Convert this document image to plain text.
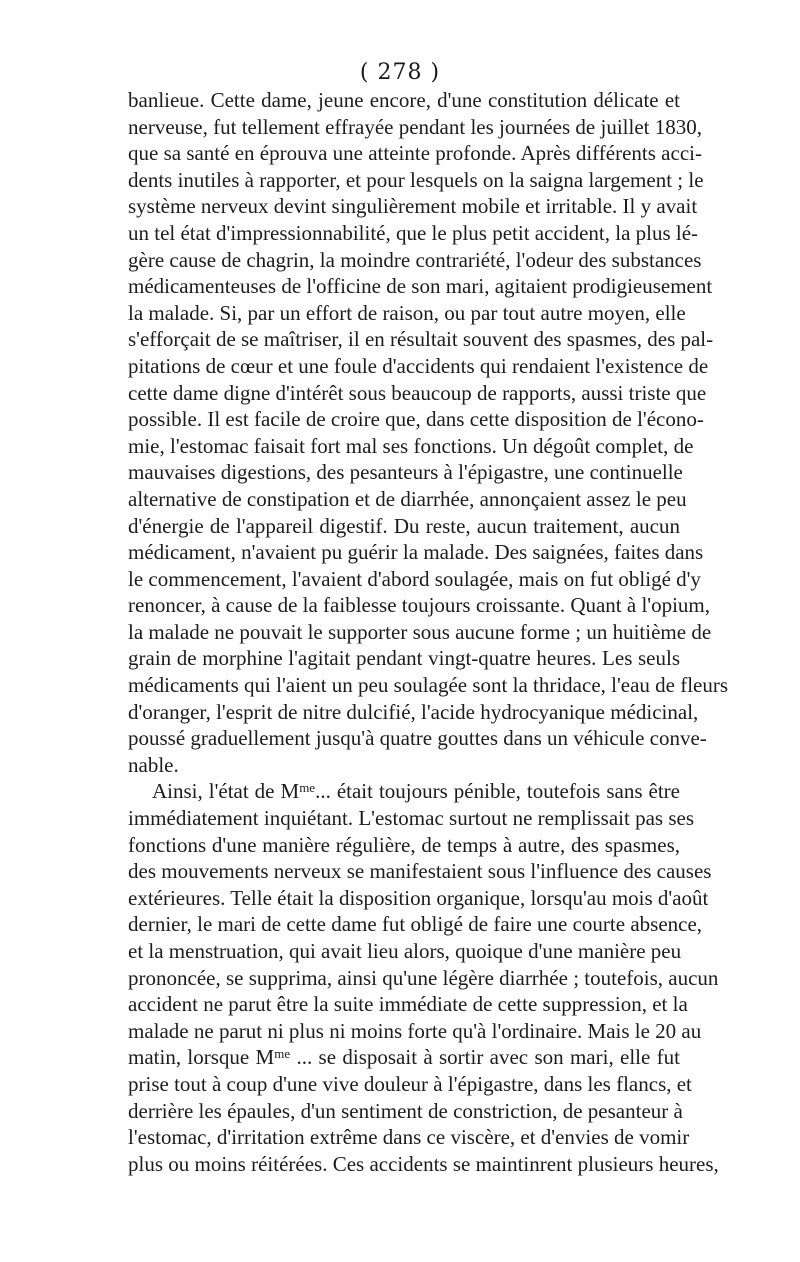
( 278 )
banlieue. Cette dame, jeune encore, d'une constitution délicate et
nerveuse, fut tellement effrayée pendant les journées de juillet 1830,
que sa santé en éprouva une atteinte profonde. Après différents acci-
dents inutiles à rapporter, et pour lesquels on la saigna largement ; le
système nerveux devint singulièrement mobile et irritable. Il y avait
un tel état d'impressionnabilité, que le plus petit accident, la plus lé-
gère cause de chagrin, la moindre contrariété, l'odeur des substances
médicamenteuses de l'officine de son mari, agitaient prodigieusement
la malade. Si, par un effort de raison, ou par tout autre moyen, elle
s'efforçait de se maîtriser, il en résultait souvent des spasmes, des pal-
pitations de cœur et une foule d'accidents qui rendaient l'existence de
cette dame digne d'intérêt sous beaucoup de rapports, aussi triste que
possible. Il est facile de croire que, dans cette disposition de l'écono-
mie, l'estomac faisait fort mal ses fonctions. Un dégoût complet, de
mauvaises digestions, des pesanteurs à l'épigastre, une continuelle
alternative de constipation et de diarrhée, annonçaient assez le peu
d'énergie de l'appareil digestif. Du reste, aucun traitement, aucun
médicament, n'avaient pu guérir la malade. Des saignées, faites dans
le commencement, l'avaient d'abord soulagée, mais on fut obligé d'y
renoncer, à cause de la faiblesse toujours croissante. Quant à l'opium,
la malade ne pouvait le supporter sous aucune forme ; un huitième de
grain de morphine l'agitait pendant vingt-quatre heures. Les seuls
médicaments qui l'aient un peu soulagée sont la thridace, l'eau de fleurs
d'oranger, l'esprit de nitre dulcifié, l'acide hydrocyanique médicinal,
poussé graduellement jusqu'à quatre gouttes dans un véhicule conve-
nable.
Ainsi, l'état de $M^{me}$... était toujours pénible, toutefois sans être
immédiatement inquiétant. L'estomac surtout ne remplissait pas ses
fonctions d'une manière régulière, de temps à autre, des spasmes,
des mouvements nerveux se manifestaient sous l'influence des causes
extérieures. Telle était la disposition organique, lorsqu'au mois d'août
dernier, le mari de cette dame fut obligé de faire une courte absence,
et la menstruation, qui avait lieu alors, quoique d'une manière peu
prononcée, se supprima, ainsi qu'une légère diarrhée ; toutefois, aucun
accident ne parut être la suite immédiate de cette suppression, et la
malade ne parut ni plus ni moins forte qu'à l'ordinaire. Mais le 20 au
matin, lorsque $M^{me}$ ... se disposait à sortir avec son mari, elle fut
prise tout à coup d'une vive douleur à l'épigastre, dans les flancs, et
derrière les épaules, d'un sentiment de constriction, de pesanteur à
l'estomac, d'irritation extrême dans ce viscère, et d'envies de vomir
plus ou moins réitérées. Ces accidents se maintinrent plusieurs heures,
